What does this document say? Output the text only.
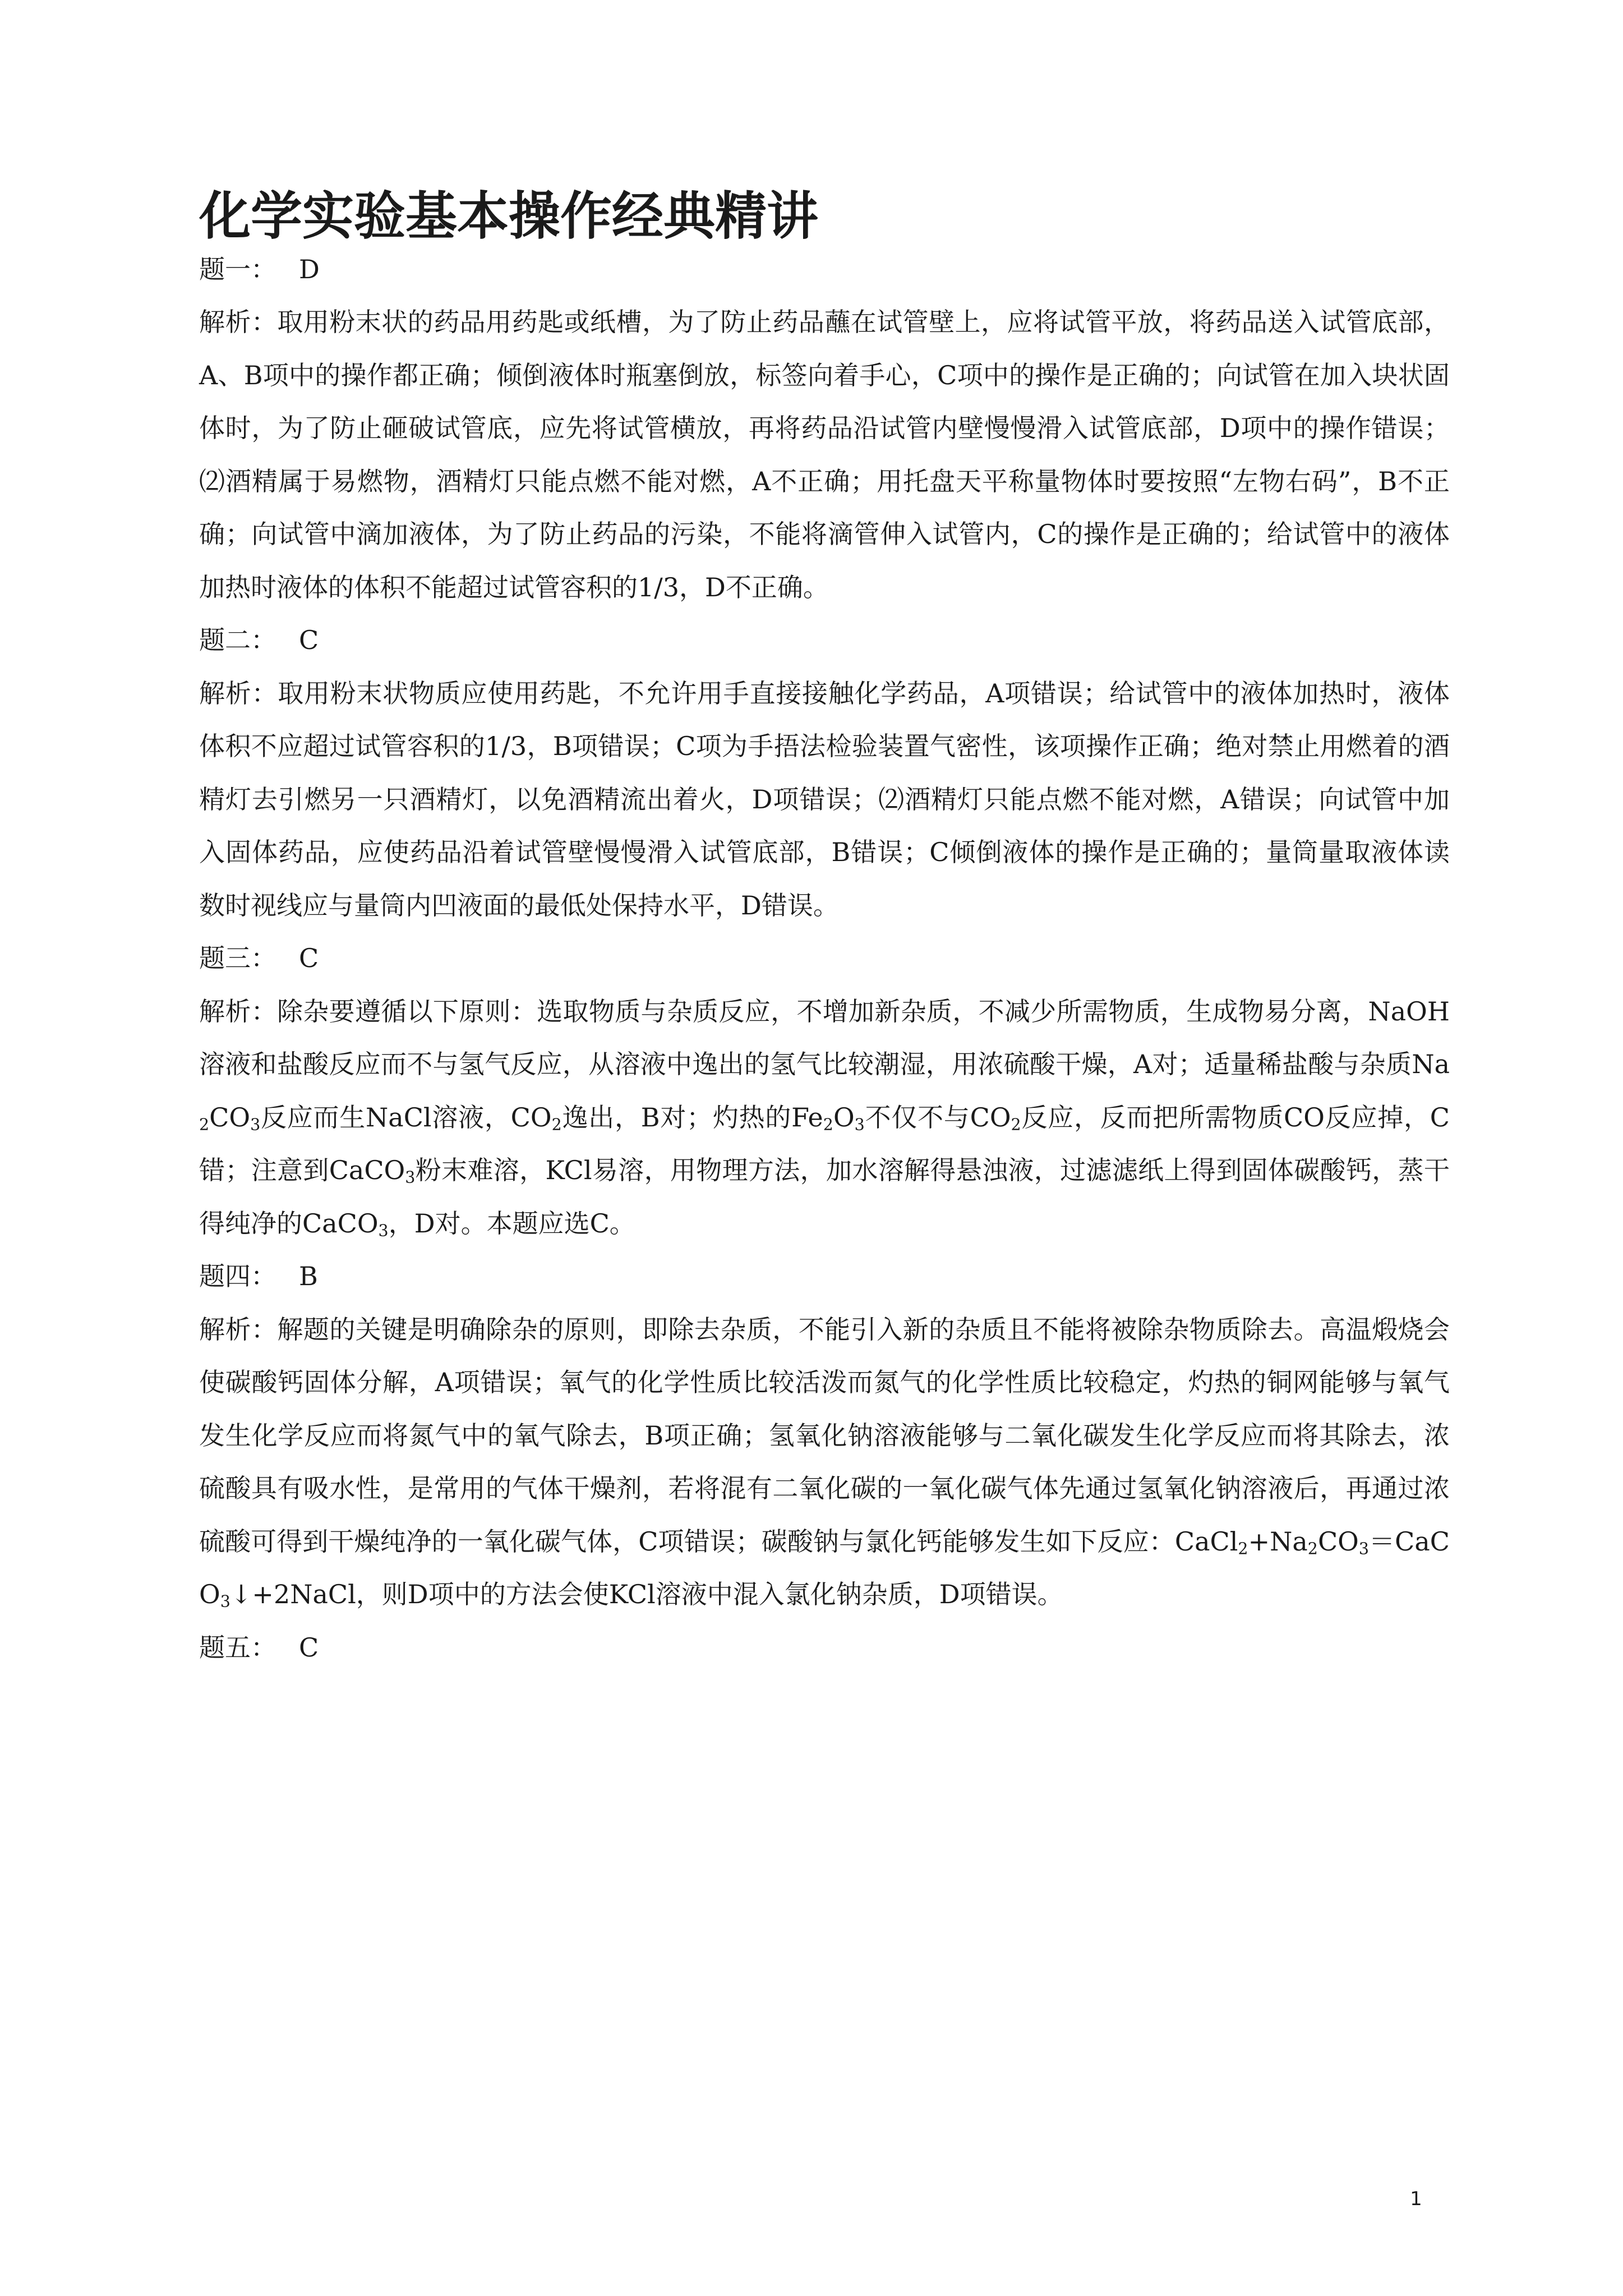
化学实验基本操作经典精讲

题一： D

解析：取用粉末状的药品用药匙或纸槽，为了防止药品蘸在试管壁上，应将试管平放，将药品送入试管底部，A、B项中的操作都正确；倾倒液体时瓶塞倒放，标签向着手心，C项中的操作是正确的；向试管在加入块状固体时，为了防止砸破试管底，应先将试管横放，再将药品沿试管内壁慢慢滑入试管底部，D项中的操作错误；⑵酒精属于易燃物，酒精灯只能点燃不能对燃，A不正确；用托盘天平称量物体时要按照“左物右码”，B不正确；向试管中滴加液体，为了防止药品的污染，不能将滴管伸入试管内，C的操作是正确的；给试管中的液体加热时液体的体积不能超过试管容积的1/3，D不正确。

题二： C

解析：取用粉末状物质应使用药匙，不允许用手直接接触化学药品，A项错误；给试管中的液体加热时，液体体积不应超过试管容积的1/3，B项错误；C项为手捂法检验装置气密性，该项操作正确；绝对禁止用燃着的酒精灯去引燃另一只酒精灯，以免酒精流出着火，D项错误；⑵酒精灯只能点燃不能对燃，A错误；向试管中加入固体药品，应使药品沿着试管壁慢慢滑入试管底部，B错误；C倾倒液体的操作是正确的；量筒量取液体读数时视线应与量筒内凹液面的最低处保持水平，D错误。

题三： C

解析：除杂要遵循以下原则：选取物质与杂质反应，不增加新杂质，不减少所需物质，生成物易分离，NaOH溶液和盐酸反应而不与氢气反应，从溶液中逸出的氢气比较潮湿，用浓硫酸干燥，A对；适量稀盐酸与杂质$Na_2CO_3$反应而生NaCl溶液，$CO_2$逸出，B对；灼热的$Fe_2O_3$不仅不与$CO_2$反应，反而把所需物质CO反应掉，C错；注意到CaCO$_3$粉末难溶，KCl易溶，用物理方法，加水溶解得悬浊液，过滤滤纸上得到固体碳酸钙，蒸干得纯净的CaCO$_3$，D对。本题应选C。

题四： B

解析：解题的关键是明确除杂的原则，即除去杂质，不能引入新的杂质且不能将被除杂物质除去。高温煅烧会使碳酸钙固体分解，A项错误；氧气的化学性质比较活泼而氮气的化学性质比较稳定，灼热的铜网能够与氧气发生化学反应而将氮气中的氧气除去，B项正确；氢氧化钠溶液能够与二氧化碳发生化学反应而将其除去，浓硫酸具有吸水性，是常用的气体干燥剂，若将混有二氧化碳的一氧化碳气体先通过氢氧化钠溶液后，再通过浓硫酸可得到干燥纯净的一氧化碳气体，C项错误；碳酸钠与氯化钙能够发生如下反应：$CaCl_2+Na_2CO_3=CaCO_3↓+2NaCl$，则D项中的方法会使KCl溶液中混入氯化钠杂质，D项错误。

题五： C

1
